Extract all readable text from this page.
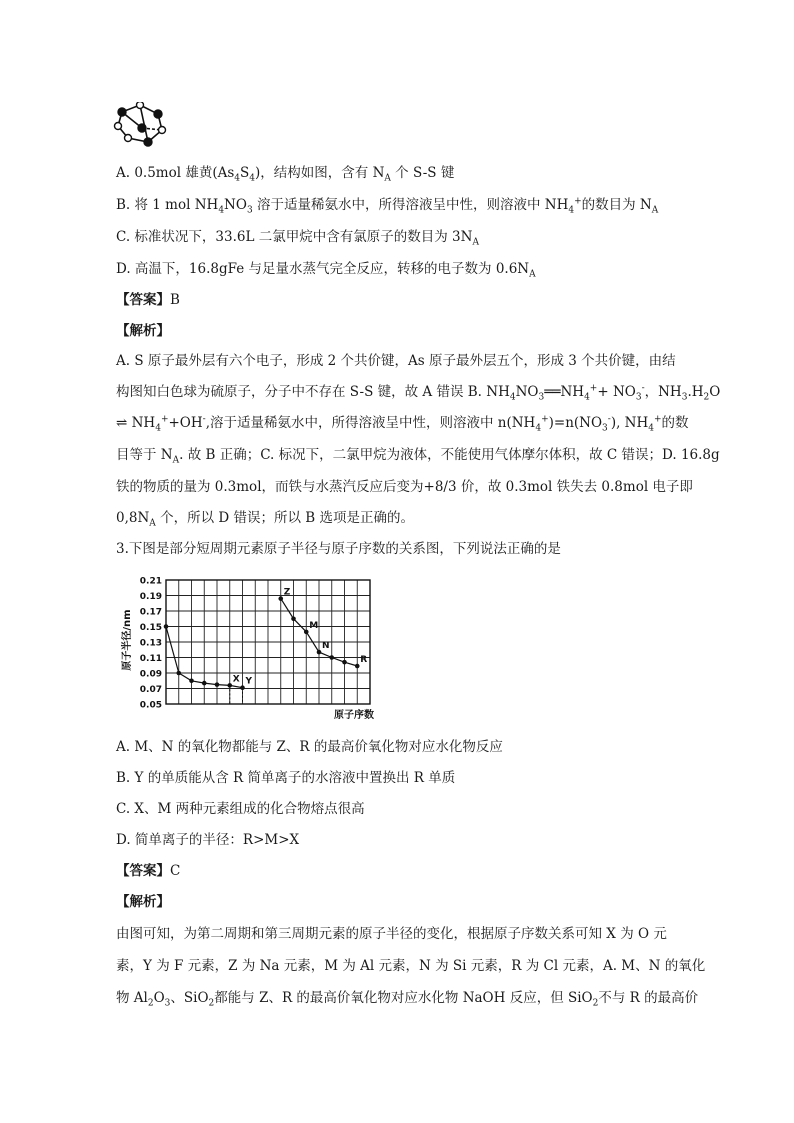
A. 0.5mol 雄黄$(As_4S_4)$，结构如图，含有 $N_A$ 个 S-S 键
B. 将 1 mol $NH_4NO_3$ 溶于适量稀氨水中，所得溶液呈中性，则溶液中 $NH_4^+$的数目为 $N_A$
C. 标准状况下，33.6L 二氯甲烷中含有氯原子的数目为 $3N_A$
D. 高温下，16.8gFe 与足量水蒸气完全反应，转移的电子数为 $0.6N_A$
【答案】B
【解析】
A. S 原子最外层有六个电子，形成 2 个共价键，As 原子最外层五个，形成 3 个共价键，由结
构图知白色球为硫原子，分子中不存在 S-S 键，故 A 错误 B. $NH_4NO_3══NH_4^++ NO_3^-$，$NH_3.H_2O$
⇌ $NH_4^++OH^-$,溶于适量稀氨水中，所得溶液呈中性，则溶液中 $n(NH_4^+)=n(NO_3^-)$, $NH_4^+$的数
目等于 $N_A$. 故 B 正确；C. 标况下，二氯甲烷为液体，不能使用气体摩尔体积，故 C 错误；D. 16.8g
铁的物质的量为 0.3mol，而铁与水蒸汽反应后变为+8/3 价，故 0.3mol 铁失去 0.8mol 电子即
$0,8N_A$ 个，所以 D 错误；所以 B 选项是正确的。
3.下图是部分短周期元素原子半径与原子序数的关系图，下列说法正确的是
0.21
0.19
0.17
0.15
0.13
0.11
0.09
0.07
0.05
X Y
Z
M
N
R
原子半径/nm
原子序数
A. M、N 的氧化物都能与 Z、R 的最高价氧化物对应水化物反应
B. Y 的单质能从含 R 简单离子的水溶液中置换出 R 单质
C. X、M 两种元素组成的化合物熔点很高
D. 简单离子的半径：R>M>X
【答案】C
【解析】
由图可知，为第二周期和第三周期元素的原子半径的变化，根据原子序数关系可知 X 为 O 元
素，Y 为 F 元素，Z 为 Na 元素，M 为 Al 元素，N 为 Si 元素，R 为 Cl 元素，A. M、N 的氧化
物 $Al_2O_3$、SiO$_2$都能与 Z、R 的最高价氧化物对应水化物 NaOH 反应，但 SiO$_2$不与 R 的最高价
